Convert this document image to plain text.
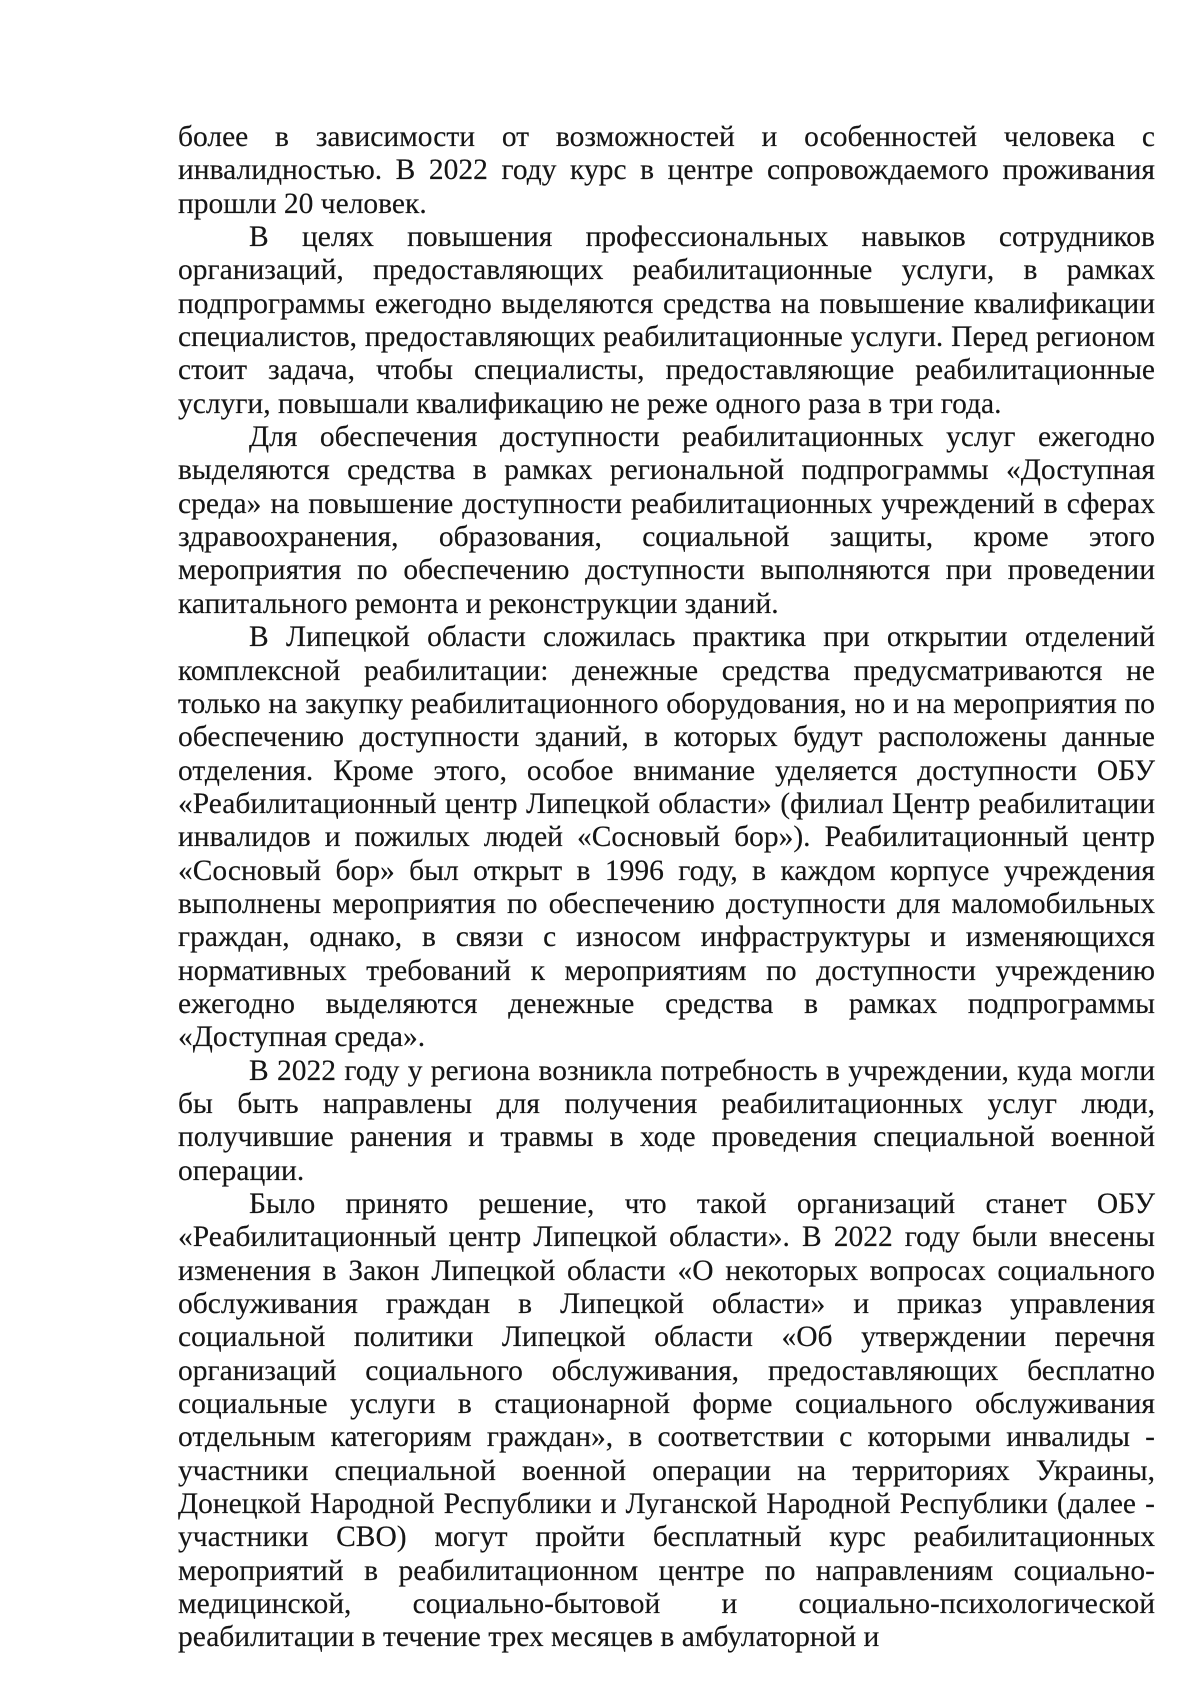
более в зависимости от возможностей и особенностей человека с инвалидностью. В 2022 году курс в центре сопровождаемого проживания прошли 20 человек.

В целях повышения профессиональных навыков сотрудников организаций, предоставляющих реабилитационные услуги, в рамках подпрограммы ежегодно выделяются средства на повышение квалификации специалистов, предоставляющих реабилитационные услуги. Перед регионом стоит задача, чтобы специалисты, предоставляющие реабилитационные услуги, повышали квалификацию не реже одного раза в три года.

Для обеспечения доступности реабилитационных услуг ежегодно выделяются средства в рамках региональной подпрограммы «Доступная среда» на повышение доступности реабилитационных учреждений в сферах здравоохранения, образования, социальной защиты, кроме этого мероприятия по обеспечению доступности выполняются при проведении капитального ремонта и реконструкции зданий.

В Липецкой области сложилась практика при открытии отделений комплексной реабилитации: денежные средства предусматриваются не только на закупку реабилитационного оборудования, но и на мероприятия по обеспечению доступности зданий, в которых будут расположены данные отделения. Кроме этого, особое внимание уделяется доступности ОБУ «Реабилитационный центр Липецкой области» (филиал Центр реабилитации инвалидов и пожилых людей «Сосновый бор»). Реабилитационный центр «Сосновый бор» был открыт в 1996 году, в каждом корпусе учреждения выполнены мероприятия по обеспечению доступности для маломобильных граждан, однако, в связи с износом инфраструктуры и изменяющихся нормативных требований к мероприятиям по доступности учреждению ежегодно выделяются денежные средства в рамках подпрограммы «Доступная среда».

В 2022 году у региона возникла потребность в учреждении, куда могли бы быть направлены для получения реабилитационных услуг люди, получившие ранения и травмы в ходе проведения специальной военной операции.

Было принято решение, что такой организаций станет ОБУ «Реабилитационный центр Липецкой области». В 2022 году были внесены изменения в Закон Липецкой области «О некоторых вопросах социального обслуживания граждан в Липецкой области» и приказ управления социальной политики Липецкой области «Об утверждении перечня организаций социального обслуживания, предоставляющих бесплатно социальные услуги в стационарной форме социального обслуживания отдельным категориям граждан», в соответствии с которыми инвалиды - участники специальной военной операции на территориях Украины, Донецкой Народной Республики и Луганской Народной Республики (далее - участники СВО) могут пройти бесплатный курс реабилитационных мероприятий в реабилитационном центре по направлениям социально-медицинской, социально-бытовой и социально-психологической реабилитации в течение трех месяцев в амбулаторной и
